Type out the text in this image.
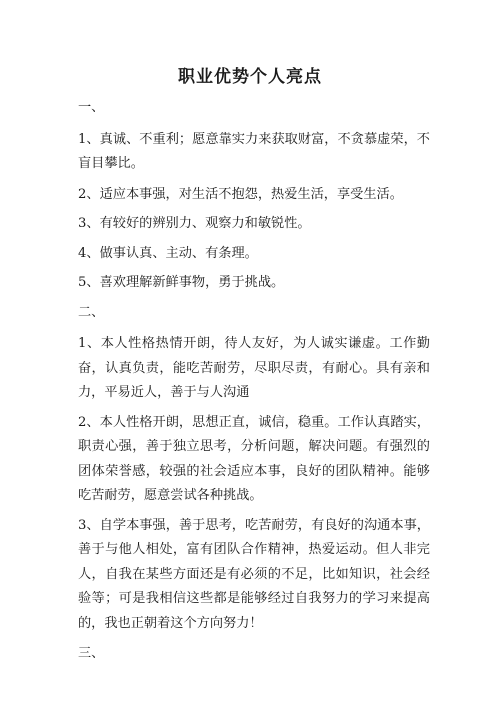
职业优势个人亮点

一、

1、真诚、不重利；愿意靠实力来获取财富，不贪慕虚荣，不盲目攀比。

2、适应本事强，对生活不抱怨，热爱生活，享受生活。

3、有较好的辨别力、观察力和敏锐性。

4、做事认真、主动、有条理。

5、喜欢理解新鲜事物，勇于挑战。

二、

1、本人性格热情开朗，待人友好，为人诚实谦虚。工作勤奋，认真负责，能吃苦耐劳，尽职尽责，有耐心。具有亲和力，平易近人，善于与人沟通

2、本人性格开朗，思想正直，诚信，稳重。工作认真踏实，职责心强，善于独立思考，分析问题，解决问题。有强烈的团体荣誉感，较强的社会适应本事，良好的团队精神。能够吃苦耐劳，愿意尝试各种挑战。

3、自学本事强，善于思考，吃苦耐劳，有良好的沟通本事，善于与他人相处，富有团队合作精神，热爱运动。但人非完人，自我在某些方面还是有必须的不足，比如知识，社会经验等；可是我相信这些都是能够经过自我努力的学习来提高的，我也正朝着这个方向努力！

三、
